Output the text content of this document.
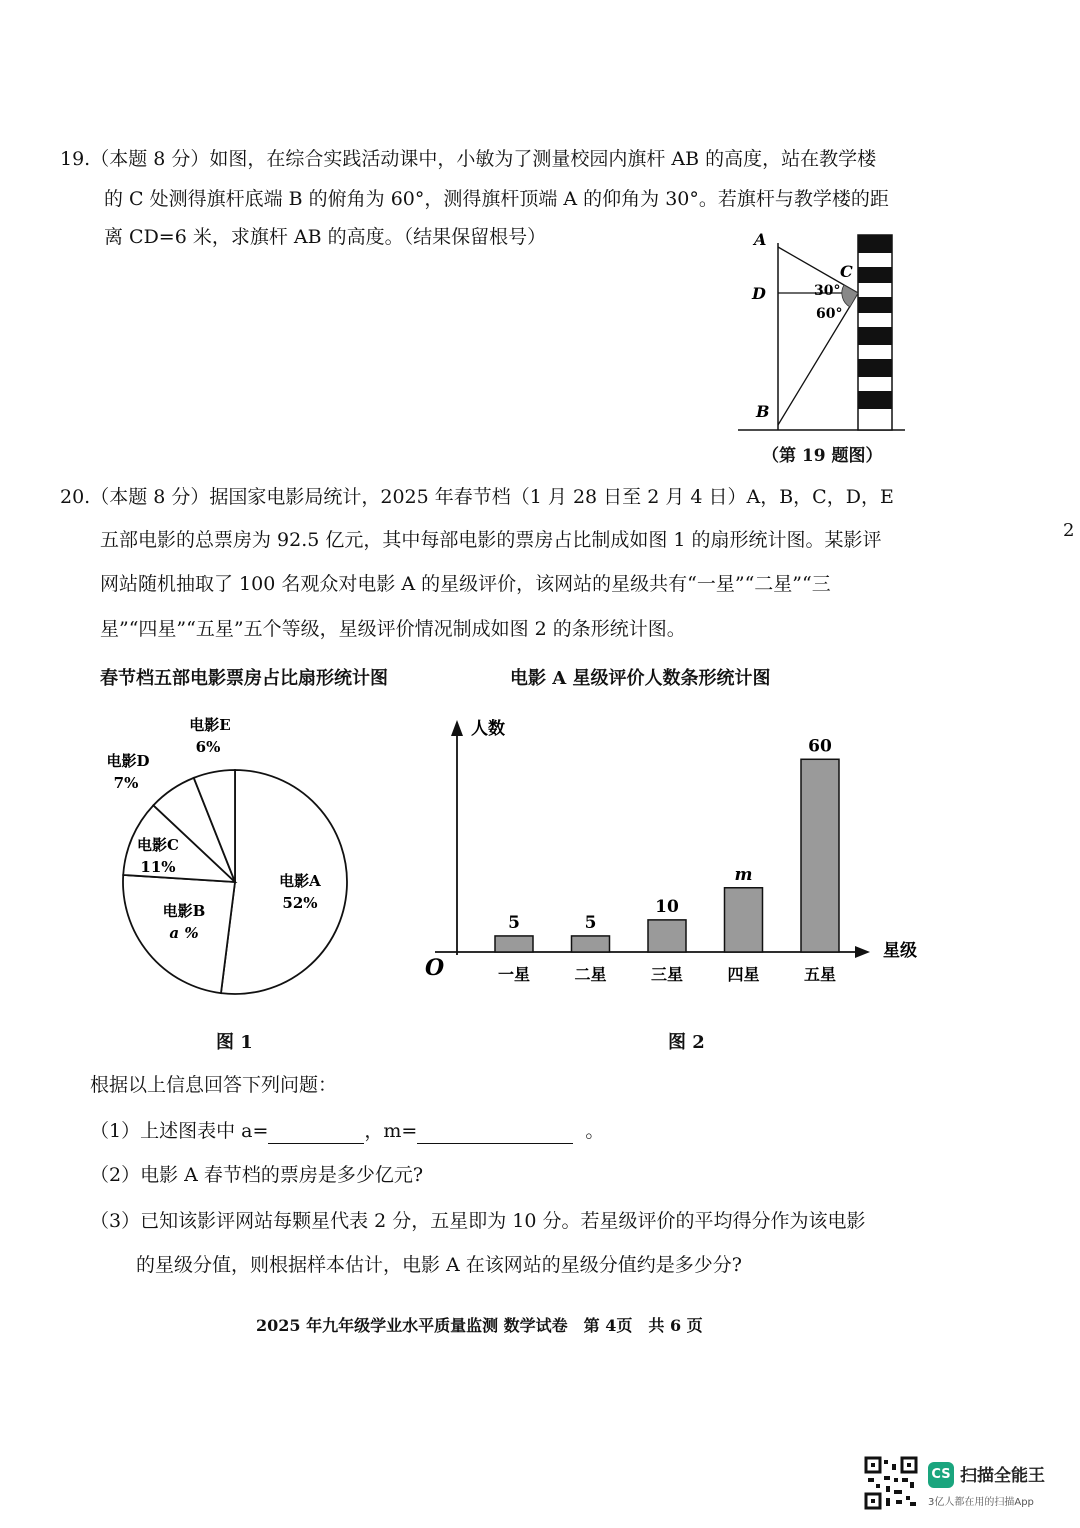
19.（本题 8 分）如图，在综合实践活动课中，小敏为了测量校园内旗杆 AB 的高度，站在教学楼
的 C 处测得旗杆底端 B 的俯角为 60°，测得旗杆顶端 A 的仰角为 30°。若旗杆与教学楼的距
离 CD=6 米，求旗杆 AB 的高度。（结果保留根号）	A
D
B
C
30°
60°
（第 19 题图）
20.（本题 8 分）据国家电影局统计，2025 年春节档（1 月 28 日至 2 月 4 日）A，B，C，D，E
五部电影的总票房为 92.5 亿元，其中每部电影的票房占比制成如图 1 的扇形统计图。某影评
网站随机抽取了 100 名观众对电影 A 的星级评价，该网站的星级共有“一星”“二星”“三
星”“四星”“五星”五个等级，星级评价情况制成如图 2 的条形统计图。
2
春节档五部电影票房占比扇形统计图	电影 A 星级评价人数条形统计图
电影A
52%
电影B
a %
电影C
11%
电影D
7%
电影E
6%
人数
星级
O
5
一星
5
二星
10
三星
m
四星
60
五星
图 1	图 2
根据以上信息回答下列问题：
（1）上述图表中 a=	，m=	。
（2）电影 A 春节档的票房是多少亿元?
（3）已知该影评网站每颗星代表 2 分，五星即为 10 分。若星级评价的平均得分作为该电影
的星级分值，则根据样本估计，电影 A 在该网站的星级分值约是多少分?
2025 年九年级学业水平质量监测 数学试卷　第 4页　共 6 页
CS 扫描全能王
3亿人都在用的扫描App
